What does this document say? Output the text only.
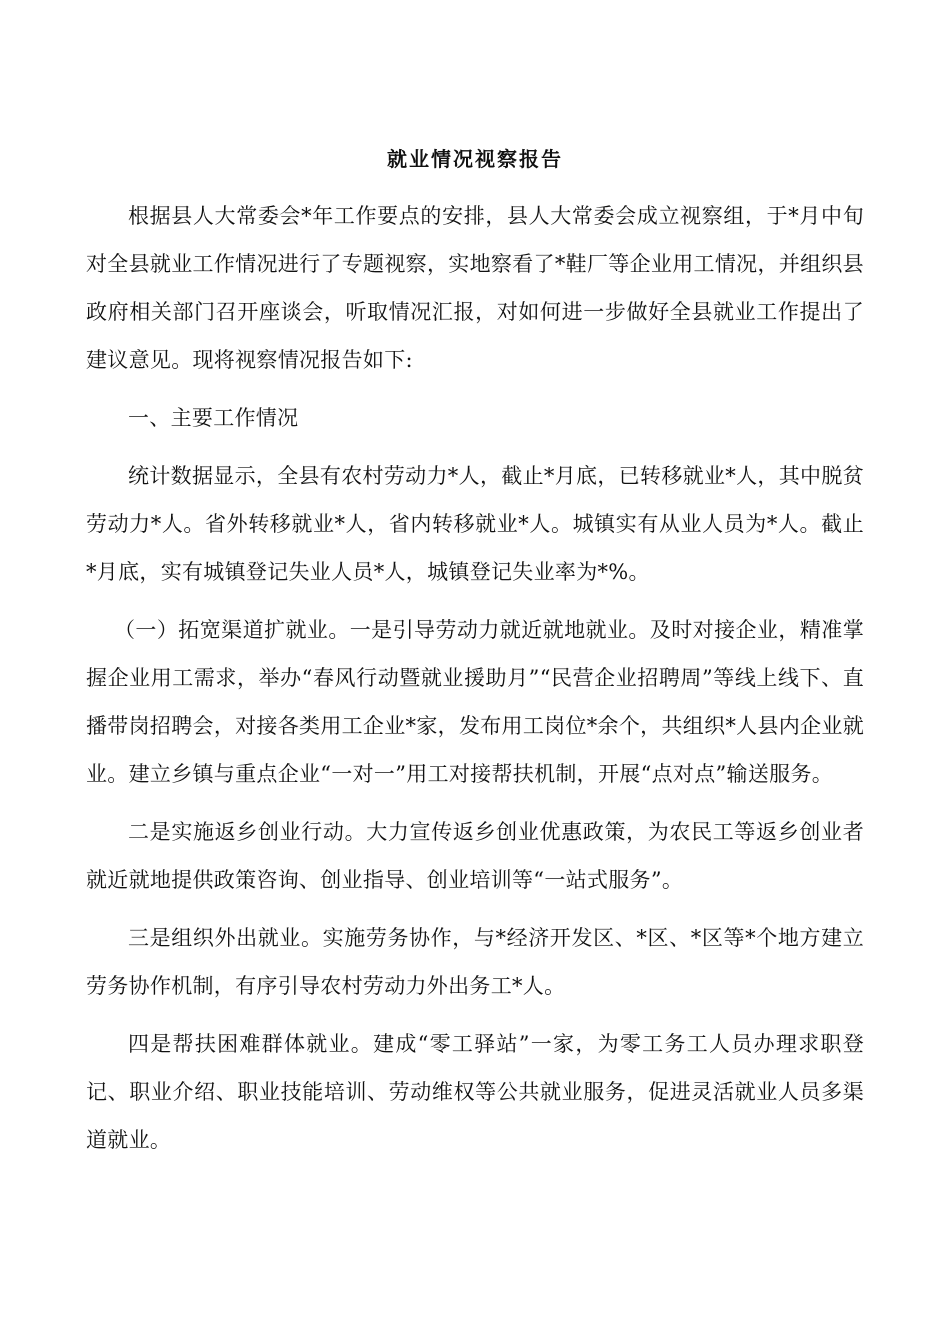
就业情况视察报告

根据县人大常委会*年工作要点的安排，县人大常委会成立视察组，于*月中旬对全县就业工作情况进行了专题视察，实地察看了*鞋厂等企业用工情况，并组织县政府相关部门召开座谈会，听取情况汇报，对如何进一步做好全县就业工作提出了建议意见。现将视察情况报告如下:

一、主要工作情况

统计数据显示，全县有农村劳动力*人，截止*月底，已转移就业*人，其中脱贫劳动力*人。省外转移就业*人，省内转移就业*人。城镇实有从业人员为*人。截止*月底，实有城镇登记失业人员*人，城镇登记失业率为*%。

（一）拓宽渠道扩就业。一是引导劳动力就近就地就业。及时对接企业，精准掌握企业用工需求，举办“春风行动暨就业援助月”“民营企业招聘周”等线上线下、直播带岗招聘会，对接各类用工企业*家，发布用工岗位*余个，共组织*人县内企业就业。建立乡镇与重点企业“一对一”用工对接帮扶机制，开展“点对点”输送服务。

二是实施返乡创业行动。大力宣传返乡创业优惠政策，为农民工等返乡创业者就近就地提供政策咨询、创业指导、创业培训等“一站式服务”。

三是组织外出就业。实施劳务协作，与*经济开发区、*区、*区等*个地方建立劳务协作机制，有序引导农村劳动力外出务工*人。

四是帮扶困难群体就业。建成“零工驿站”一家，为零工务工人员办理求职登记、职业介绍、职业技能培训、劳动维权等公共就业服务，促进灵活就业人员多渠道就业。
